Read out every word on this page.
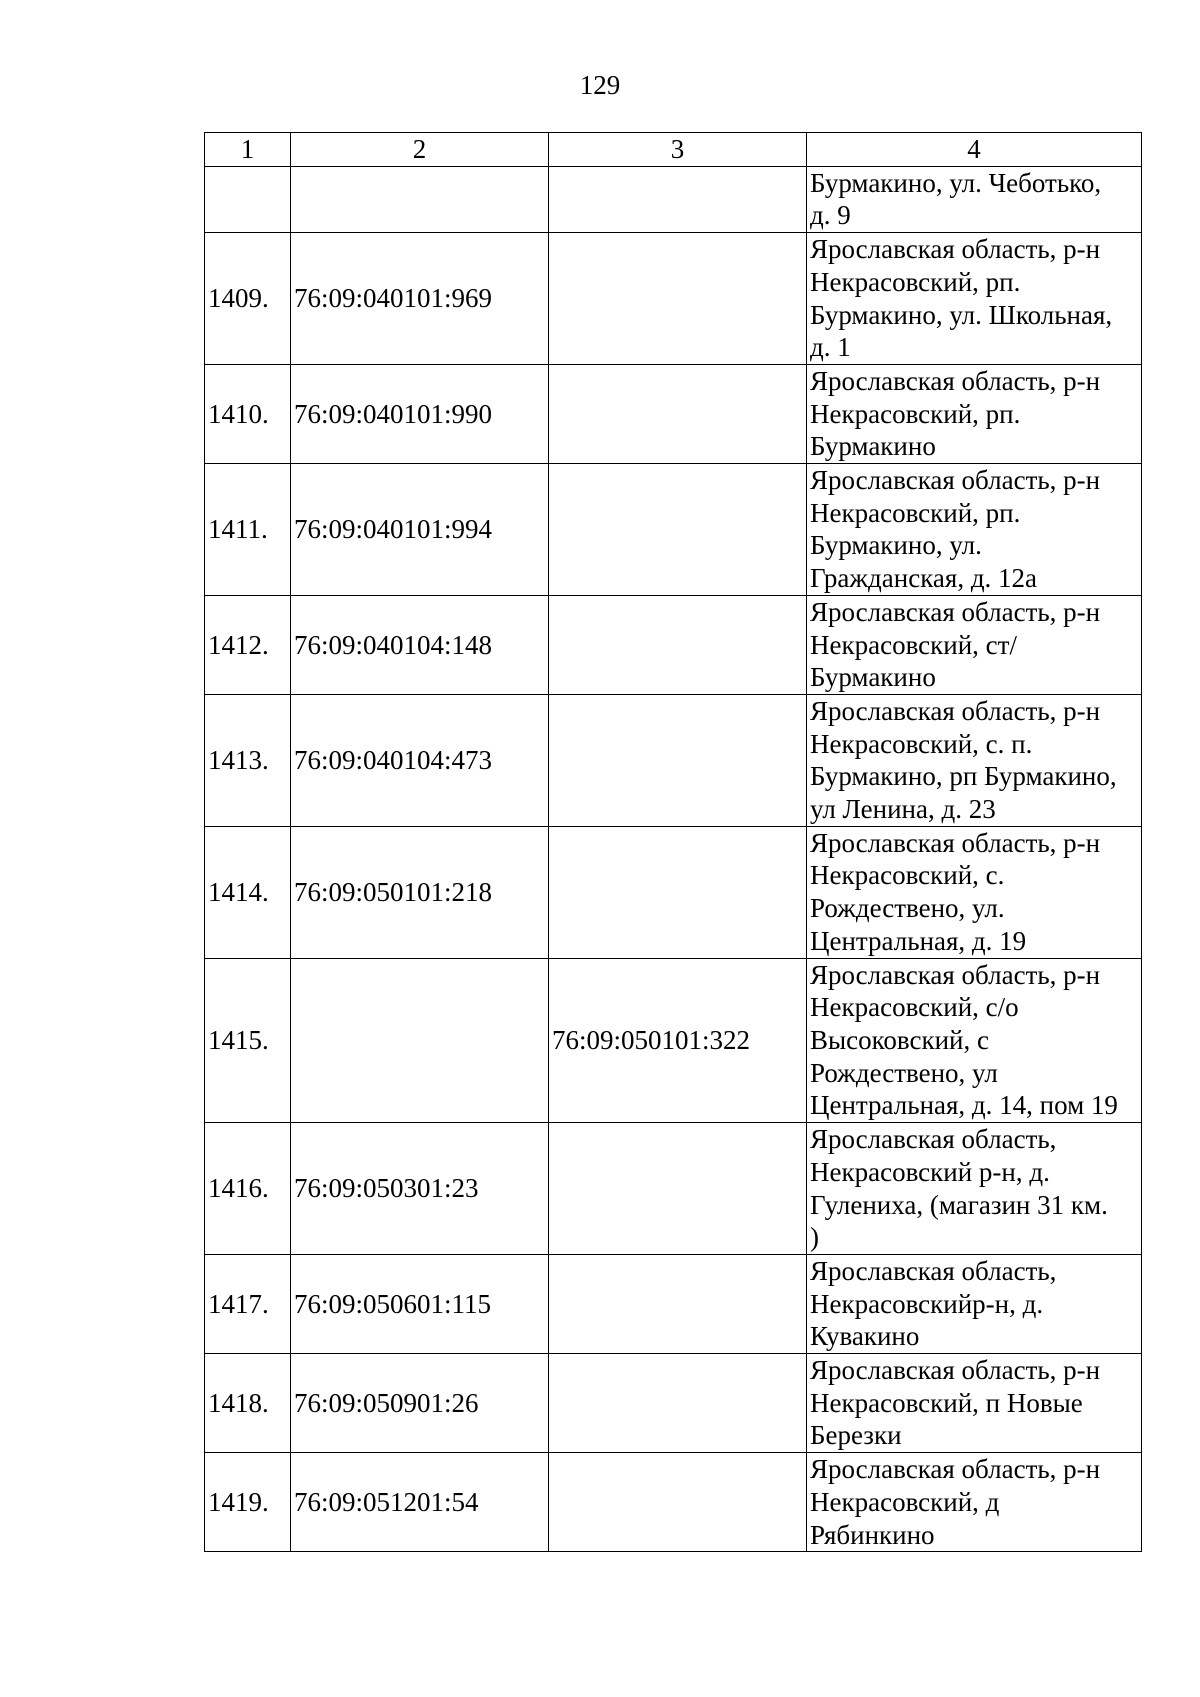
129
1	2	3	4

			Бурмакино, ул. Чеботько,
д. 9

1409.	76:09:040101:969		Ярославская область, р-н
Некрасовский, рп.
Бурмакино, ул. Школьная,
д. 1

1410.	76:09:040101:990		Ярославская область, р-н
Некрасовский, рп.
Бурмакино

1411.	76:09:040101:994		Ярославская область, р-н
Некрасовский, рп.
Бурмакино, ул.
Гражданская, д. 12а

1412.	76:09:040104:148		Ярославская область, р-н
Некрасовский, ст/
Бурмакино

1413.	76:09:040104:473		Ярославская область, р-н
Некрасовский, с. п.
Бурмакино, рп Бурмакино,
ул Ленина, д. 23

1414.	76:09:050101:218		Ярославская область, р-н
Некрасовский, с.
Рождествено, ул.
Центральная, д. 19

1415.		76:09:050101:322	Ярославская область, р-н
Некрасовский, с/о
Высоковский, с
Рождествено, ул
Центральная, д. 14, пом 19

1416.	76:09:050301:23		Ярославская область,
Некрасовский р-н, д.
Гулениха, (магазин 31 км.
)

1417.	76:09:050601:115		Ярославская область,
Некрасовскийр-н, д.
Кувакино

1418.	76:09:050901:26		Ярославская область, р-н
Некрасовский, п Новые
Березки

1419.	76:09:051201:54		Ярославская область, р-н
Некрасовский, д
Рябинкино
